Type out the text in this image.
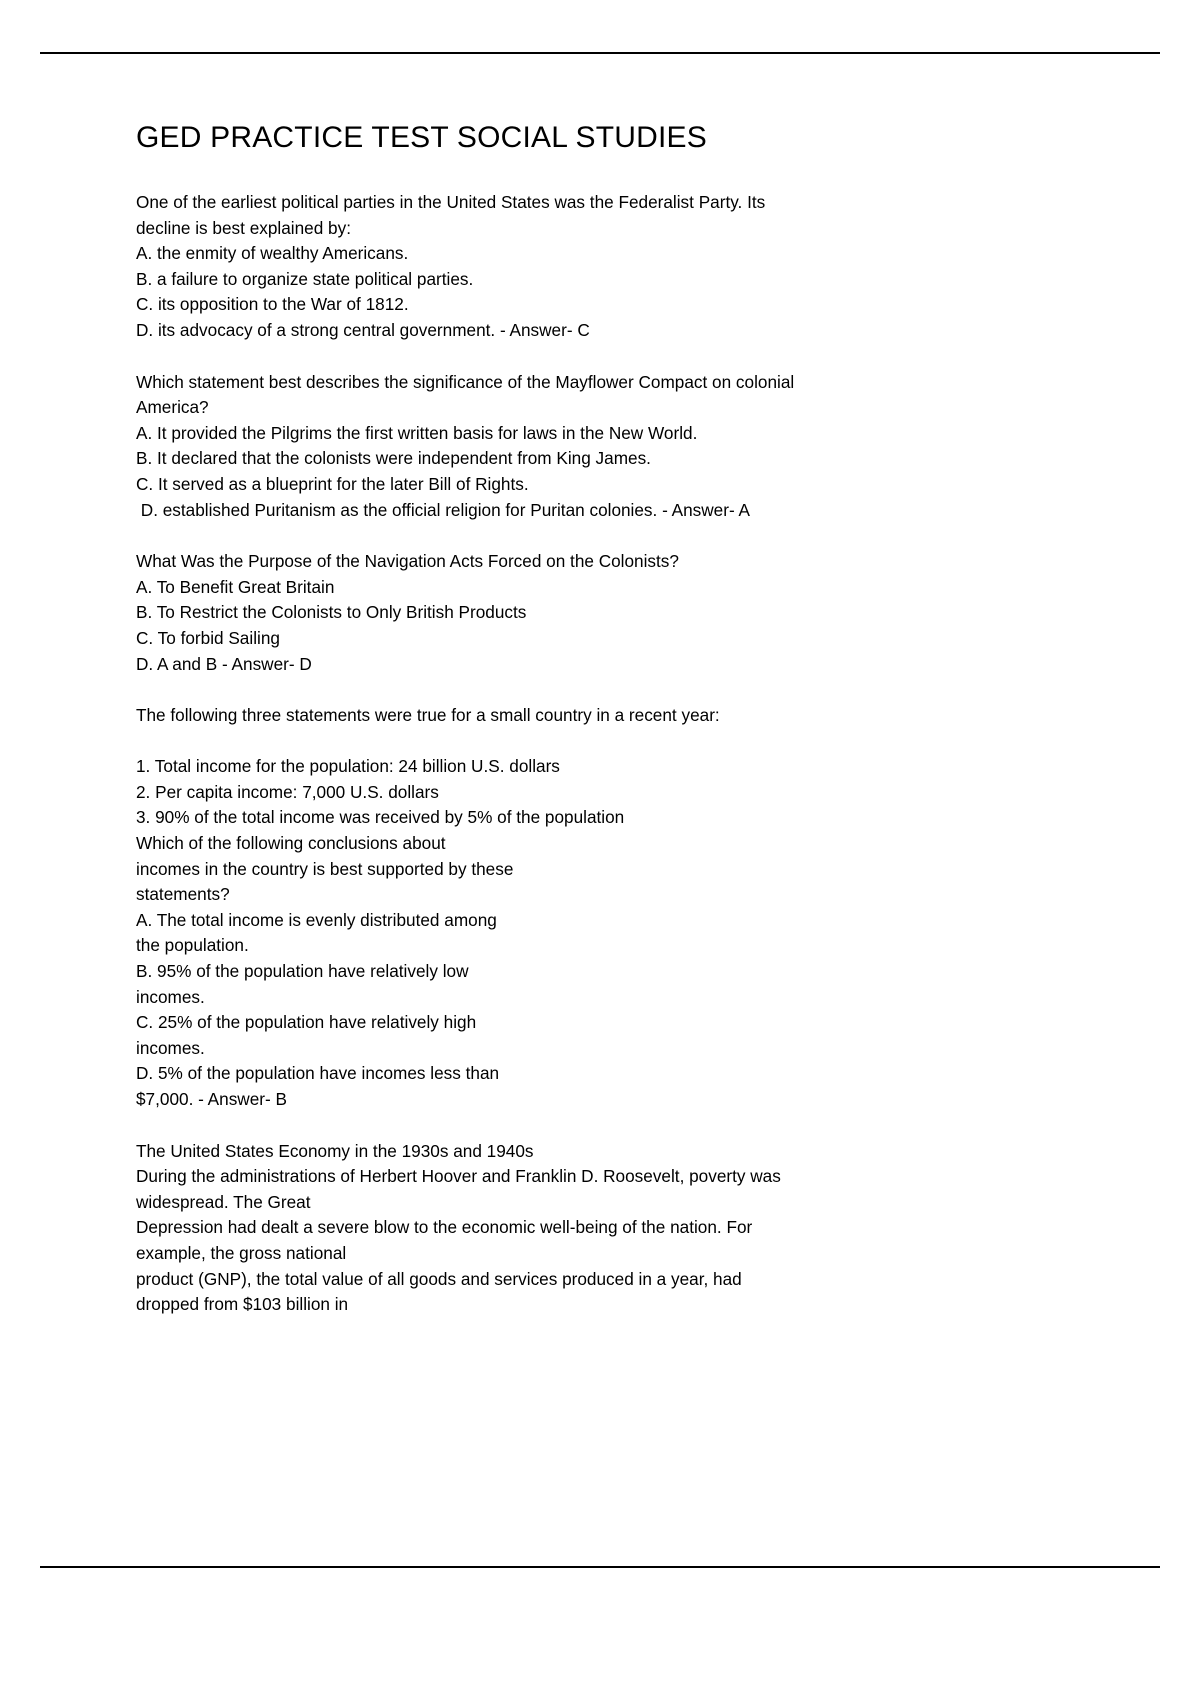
GED PRACTICE TEST SOCIAL STUDIES

One of the earliest political parties in the United States was the Federalist Party. Its

decline is best explained by:

A. the enmity of wealthy Americans.

B. a failure to organize state political parties.

C. its opposition to the War of 1812.

D. its advocacy of a strong central government. - Answer- C

Which statement best describes the significance of the Mayflower Compact on colonial

America?

A. It provided the Pilgrims the first written basis for laws in the New World.

B. It declared that the colonists were independent from King James.

C. It served as a blueprint for the later Bill of Rights.

D. established Puritanism as the official religion for Puritan colonies. - Answer- A

What Was the Purpose of the Navigation Acts Forced on the Colonists?

A. To Benefit Great Britain

B. To Restrict the Colonists to Only British Products

C. To forbid Sailing

D. A and B - Answer- D

The following three statements were true for a small country in a recent year:

1. Total income for the population: 24 billion U.S. dollars

2. Per capita income: 7,000 U.S. dollars

3. 90% of the total income was received by 5% of the population

Which of the following conclusions about

incomes in the country is best supported by these

statements?

A. The total income is evenly distributed among

the population.

B. 95% of the population have relatively low

incomes.

C. 25% of the population have relatively high

incomes.

D. 5% of the population have incomes less than

$7,000. - Answer- B

The United States Economy in the 1930s and 1940s

During the administrations of Herbert Hoover and Franklin D. Roosevelt, poverty was

widespread. The Great

Depression had dealt a severe blow to the economic well-being of the nation. For

example, the gross national

product (GNP), the total value of all goods and services produced in a year, had

dropped from $103 billion in
